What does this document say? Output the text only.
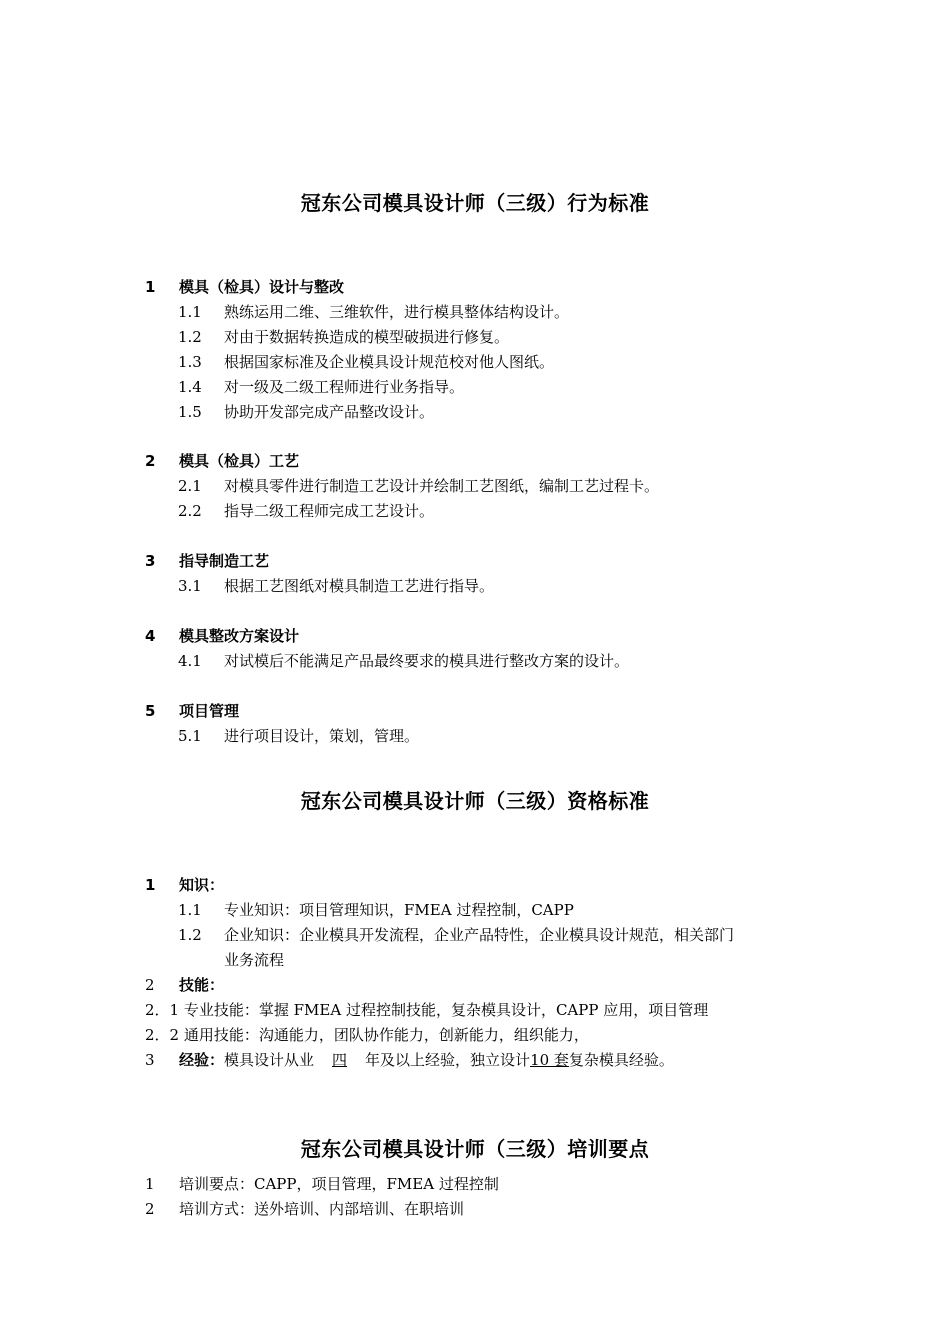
冠东公司模具设计师（三级）行为标准
1 模具（检具）设计与整改
1.1 熟练运用二维、三维软件，进行模具整体结构设计。
1.2 对由于数据转换造成的模型破损进行修复。
1.3 根据国家标准及企业模具设计规范校对他人图纸。
1.4 对一级及二级工程师进行业务指导。
1.5 协助开发部完成产品整改设计。
2 模具（检具）工艺
2.1 对模具零件进行制造工艺设计并绘制工艺图纸，编制工艺过程卡。
2.2 指导二级工程师完成工艺设计。
3 指导制造工艺
3.1 根据工艺图纸对模具制造工艺进行指导。
4 模具整改方案设计
4.1 对试模后不能满足产品最终要求的模具进行整改方案的设计。
5 项目管理
5.1 进行项目设计，策划，管理。
冠东公司模具设计师（三级）资格标准
1 知识：
1.1 专业知识：项目管理知识，FMEA 过程控制，CAPP
1.2 企业知识：企业模具开发流程，企业产品特性，企业模具设计规范，相关部门
业务流程
2 技能：
2．1 专业技能：掌握 FMEA 过程控制技能，复杂模具设计，CAPP 应用，项目管理
2．2 通用技能：沟通能力，团队协作能力，创新能力，组织能力，
3 经验：模具设计从业 四 年及以上经验，独立设计10 套复杂模具经验。
冠东公司模具设计师（三级）培训要点
1 培训要点：CAPP，项目管理，FMEA 过程控制
2 培训方式：送外培训、内部培训、在职培训
